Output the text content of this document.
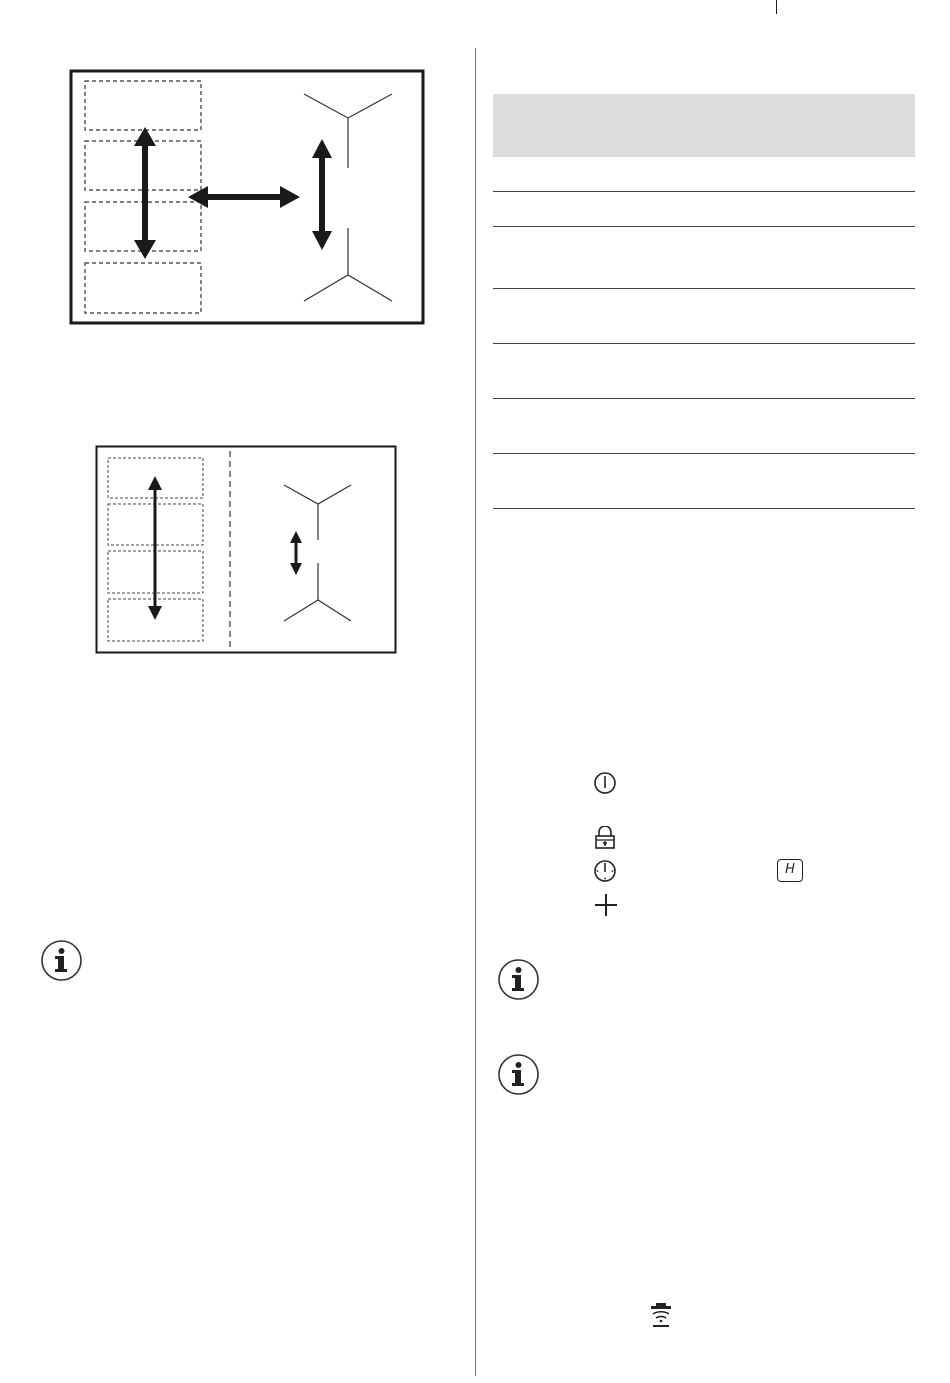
H
